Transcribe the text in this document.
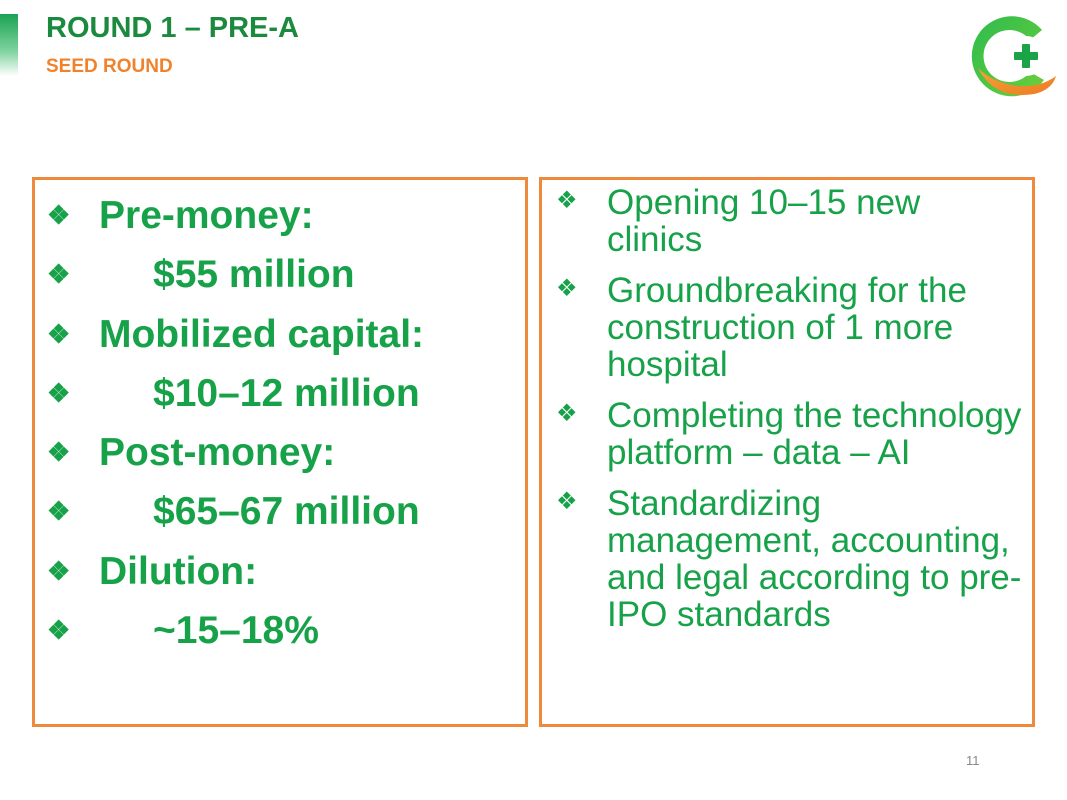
ROUND 1 – PRE-A
SEED ROUND
❖ Pre-money:
❖	$55 million
❖ Mobilized capital:
❖	$10–12 million
❖ Post-money:
❖	$65–67 million
❖ Dilution:
❖	~15–18%
❖ Opening 10–15 new clinics
❖ Groundbreaking for the construction of 1 more hospital
❖ Completing the technology platform – data – AI
❖ Standardizing management, accounting, and legal according to pre-IPO standards
11
